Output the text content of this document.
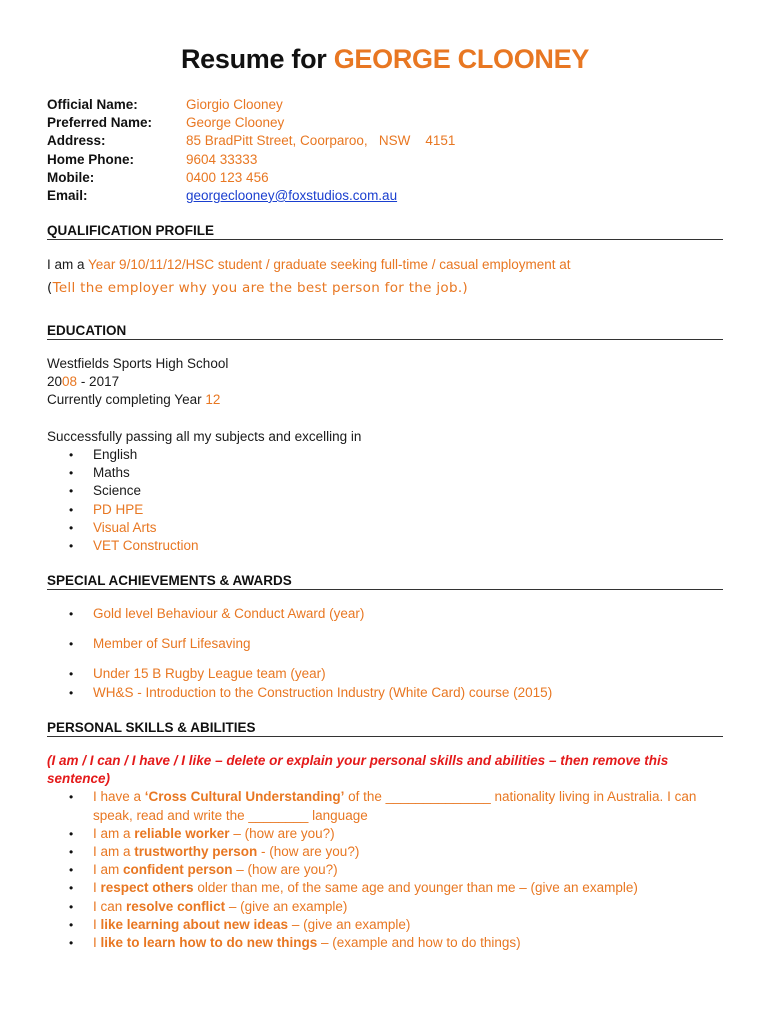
Resume for GEORGE CLOONEY
Official Name:	Giorgio Clooney
Preferred Name:	George Clooney
Address:	85 BradPitt Street, Coorparoo,   NSW    4151
Home Phone:	9604 33333
Mobile:	0400 123 456
Email:	georgeclooney@foxstudios.com.au
QUALIFICATION PROFILE
I am a Year 9/10/11/12/HSC student / graduate seeking full-time / casual employment at
(Tell the employer why you are the best person for the job.)
EDUCATION
Westfields Sports High School
2008 - 2017
Currently completing Year 12
Successfully passing all my subjects and excelling in
• English
• Maths
• Science
• PD HPE
• Visual Arts
• VET Construction
SPECIAL ACHIEVEMENTS & AWARDS
• Gold level Behaviour & Conduct Award (year)
• Member of Surf Lifesaving
• Under 15 B Rugby League team (year)
• WH&S - Introduction to the Construction Industry (White Card) course (2015)
PERSONAL SKILLS & ABILITIES
(I am / I can / I have / I like – delete or explain your personal skills and abilities – then remove this
sentence)
• I have a ‘Cross Cultural Understanding’ of the ______________ nationality living in Australia. I can
speak, read and write the ________ language
• I am a reliable worker – (how are you?)
• I am a trustworthy person - (how are you?)
• I am confident person – (how are you?)
• I respect others older than me, of the same age and younger than me – (give an example)
• I can resolve conflict – (give an example)
• I like learning about new ideas – (give an example)
• I like to learn how to do new things – (example and how to do things)
